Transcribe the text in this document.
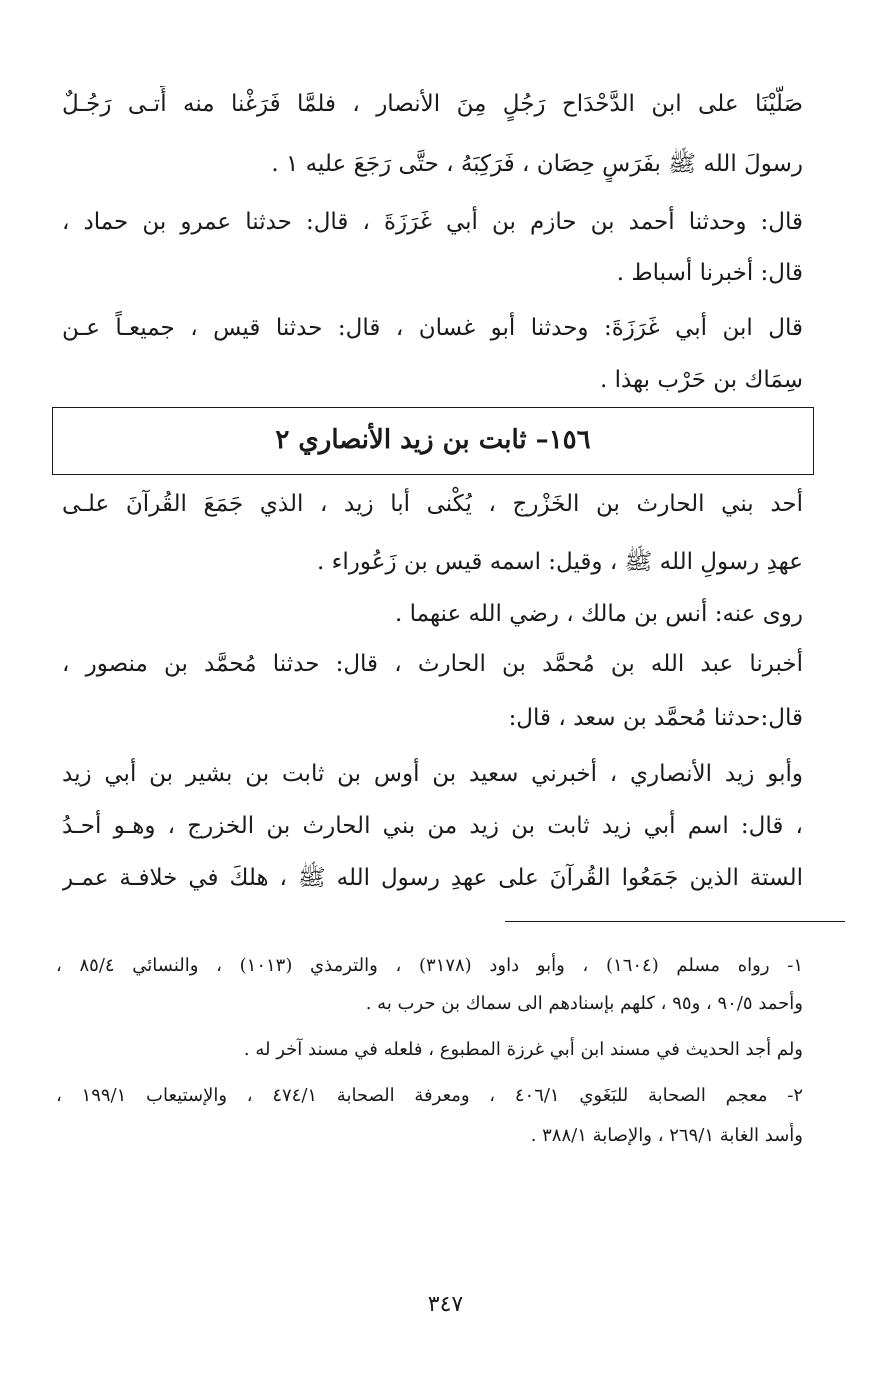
صَلَّيْنَا على ابن الدَّحْدَاح رَجُلٍ مِنَ الأنصار ، فلمَّا فَرَغْنا منه أَتـى رَجُـلٌ
رسولَ الله ﷺ بفَرَسٍ حِصَان ، فَرَكِبَهُ ، حتَّى رَجَعَ عليه ١ .
قال: وحدثنا أحمد بن حازم بن أبي غَرَزَةَ ، قال: حدثنا عمرو بن حماد ،
قال: أخبرنا أسباط .
قال ابن أبي غَرَزَةَ: وحدثنا أبو غسان ، قال: حدثنا قيس ، جميعـاً عـن
سِمَاك بن حَرْب بهذا .
١٥٦– ثابت بن زيد الأنصاري ٢
أحد بني الحارث بن الخَزْرج ، يُكْنى أبا زيد ، الذي جَمَعَ القُرآنَ علـى
عهدِ رسولِ الله ﷺ ، وقيل: اسمه قيس بن زَعُوراء .
روى عنه: أنس بن مالك ، رضي الله عنهما .
أخبرنا عبد الله بن مُحمَّد بن الحارث ، قال: حدثنا مُحمَّد بن منصور ،
قال:حدثنا مُحمَّد بن سعد ، قال:
وأبو زيد الأنصاري ، أخبرني سعيد بن أوس بن ثابت بن بشير بن أبي زيد
، قال: اسم أبي زيد ثابت بن زيد من بني الحارث بن الخزرج ، وهـو أحـدُ
الستة الذين جَمَعُوا القُرآنَ على عهدِ رسول الله ﷺ ، هلكَ في خلافـة عمـر
١- رواه مسلم (١٦٠٤) ، وأبو داود (٣١٧٨) ، والترمذي (١٠١٣) ، والنسائي ٨٥/٤ ،
وأحمد ٩٠/٥ ، و٩٥ ، كلهم بإسنادهم الى سماك بن حرب به .
ولم أجد الحديث في مسند ابن أبي غرزة المطبوع ، فلعله في مسند آخر له .
٢- معجم الصحابة للبَغَوي ٤٠٦/١ ، ومعرفة الصحابة ٤٧٤/١ ، والإستيعاب ١٩٩/١ ،
وأُسد الغابة ٢٦٩/١ ، والإصابة ٣٨٨/١ .
٣٤٧
